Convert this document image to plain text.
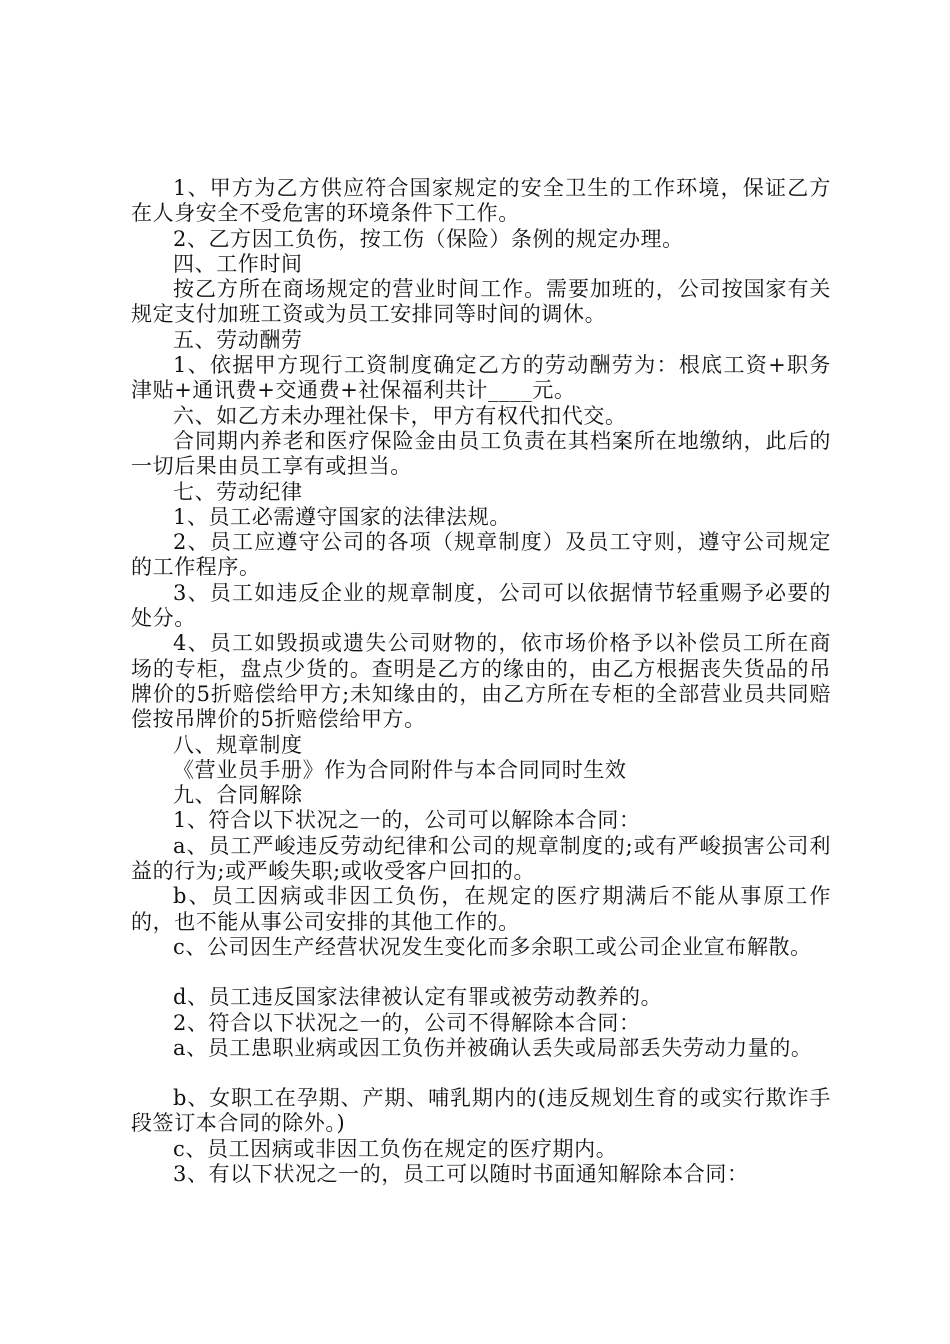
1、甲方为乙方供应符合国家规定的安全卫生的工作环境，保证乙方在人身安全不受危害的环境条件下工作。

2、乙方因工负伤，按工伤（保险）条例的规定办理。

四、工作时间

按乙方所在商场规定的营业时间工作。需要加班的，公司按国家有关规定支付加班工资或为员工安排同等时间的调休。

五、劳动酬劳

1、依据甲方现行工资制度确定乙方的劳动酬劳为：根底工资+职务津贴+通讯费+交通费+社保福利共计____元。

六、如乙方未办理社保卡，甲方有权代扣代交。

合同期内养老和医疗保险金由员工负责在其档案所在地缴纳，此后的一切后果由员工享有或担当。

七、劳动纪律

1、员工必需遵守国家的法律法规。

2、员工应遵守公司的各项（规章制度）及员工守则，遵守公司规定的工作程序。

3、员工如违反企业的规章制度，公司可以依据情节轻重赐予必要的处分。

4、员工如毁损或遗失公司财物的，依市场价格予以补偿员工所在商场的专柜，盘点少货的。查明是乙方的缘由的，由乙方根据丧失货品的吊牌价的5折赔偿给甲方;未知缘由的，由乙方所在专柜的全部营业员共同赔偿按吊牌价的5折赔偿给甲方。

八、规章制度

《营业员手册》作为合同附件与本合同同时生效

九、合同解除

1、符合以下状况之一的，公司可以解除本合同：

a、员工严峻违反劳动纪律和公司的规章制度的;或有严峻损害公司利益的行为;或严峻失职;或收受客户回扣的。

b、员工因病或非因工负伤，在规定的医疗期满后不能从事原工作的，也不能从事公司安排的其他工作的。

c、公司因生产经营状况发生变化而多余职工或公司企业宣布解散。

d、员工违反国家法律被认定有罪或被劳动教养的。

2、符合以下状况之一的，公司不得解除本合同：

a、员工患职业病或因工负伤并被确认丢失或局部丢失劳动力量的。

b、女职工在孕期、产期、哺乳期内的(违反规划生育的或实行欺诈手段签订本合同的除外。)

c、员工因病或非因工负伤在规定的医疗期内。

3、有以下状况之一的，员工可以随时书面通知解除本合同：
